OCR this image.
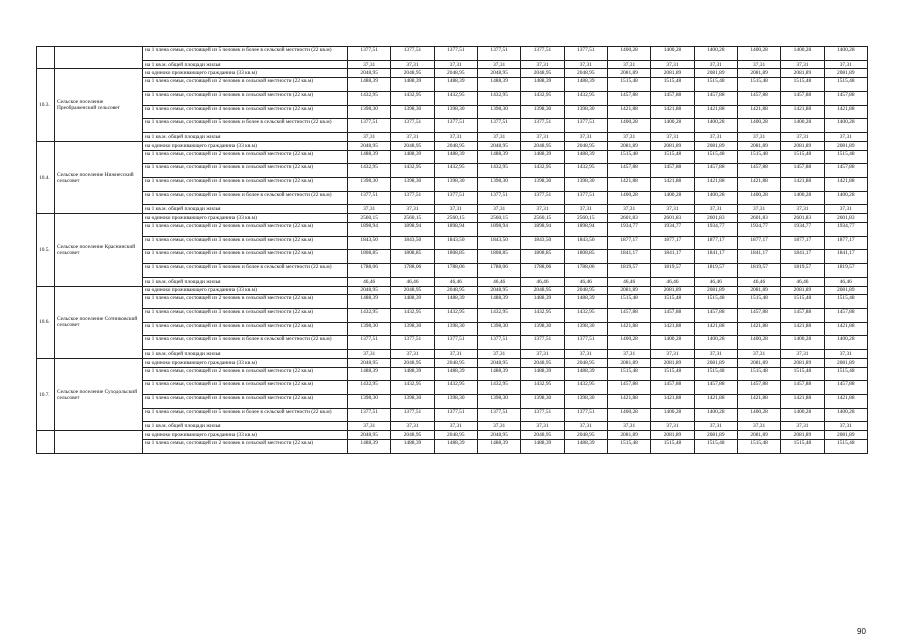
		на 1 члена семьи, состоящей из 5 человек и более в сельской местности (22 кв.м)	1377,51	1377,51	1377,51	1377,51	1377,51	1377,51	1400,28	1400,28	1400,28	1400,28	1400,28	1400,28
		на 1 кв.м. общей площади жилья	37,31	37,31	37,31	37,31	37,31	37,31	37,31	37,31	37,31	37,31	37,31	37,31
10.3.	Сельское поселение Преображенский сельсовет	на одиноко проживающего гражданина (33 кв.м)	2048,95	2048,95	2048,95	2048,95	2048,95	2048,95	2081,89	2081,89	2081,89	2081,89	2081,89	2081,89
		на 1 члена семьи, состоящей из 2 человек в сельской местности (22 кв.м)	1488,39	1488,39	1488,39	1488,39	1488,39	1488,39	1515,48	1515,48	1515,48	1515,48	1515,48	1515,48
		на 1 члена семьи, состоящей из 3 человек в сельской местности (22 кв.м)	1432,95	1432,95	1432,95	1432,95	1432,95	1432,95	1457,88	1457,88	1457,88	1457,88	1457,88	1457,88
		на 1 члена семьи, состоящей из 4 человек в сельской местности (22 кв.м)	1398,30	1398,30	1398,30	1398,30	1398,30	1398,30	1421,88	1421,88	1421,88	1421,88	1421,88	1421,88
		на 1 члена семьи, состоящей из 5 человек и более в сельской местности (22 кв.м)	1377,51	1377,51	1377,51	1377,51	1377,51	1377,51	1400,28	1400,28	1400,28	1400,28	1400,28	1400,28
		на 1 кв.м. общей площади жилья	37,31	37,31	37,31	37,31	37,31	37,31	37,31	37,31	37,31	37,31	37,31	37,31
10.4.	Сельское поселение Нижнесский сельсовет	на одиноко проживающего гражданина (33 кв.м)	2048,95	2048,95	2048,95	2048,95	2048,95	2048,95	2081,89	2081,89	2081,89	2081,89	2081,89	2081,89
		на 1 члена семьи, состоящей из 2 человек в сельской местности (22 кв.м)	1488,39	1488,39	1488,39	1488,39	1488,39	1488,39	1515,48	1515,48	1515,48	1515,48	1515,48	1515,48
		на 1 члена семьи, состоящей из 3 человек в сельской местности (22 кв.м)	1432,95	1432,95	1432,95	1432,95	1432,95	1432,95	1457,88	1457,88	1457,88	1457,88	1457,88	1457,88
		на 1 члена семьи, состоящей из 4 человек в сельской местности (22 кв.м)	1398,30	1398,30	1398,30	1398,30	1398,30	1398,30	1421,88	1421,88	1421,88	1421,88	1421,88	1421,88
		на 1 члена семьи, состоящей из 5 человек и более в сельской местности (22 кв.м)	1377,51	1377,51	1377,51	1377,51	1377,51	1377,51	1400,28	1400,28	1400,28	1400,28	1400,28	1400,28
		на 1 кв.м. общей площади жилья	37,31	37,31	37,31	37,31	37,31	37,31	37,31	37,31	37,31	37,31	37,31	37,31
10.5.	Сельское поселение Краснинский сельсовет	на одиноко проживающего гражданина (33 кв.м)	2560,15	2560,15	2560,15	2560,15	2560,15	2560,15	2601,83	2601,83	2601,83	2601,83	2601,83	2601,83
		на 1 члена семьи, состоящей из 2 человек в сельской местности (22 кв.м)	1898,94	1898,94	1898,94	1898,94	1898,94	1898,94	1934,77	1934,77	1934,77	1934,77	1934,77	1934,77
		на 1 члена семьи, состоящей из 3 человек в сельской местности (22 кв.м)	1843,50	1843,50	1843,50	1843,50	1843,50	1843,50	1877,17	1877,17	1877,17	1877,17	1877,17	1877,17
		на 1 члена семьи, состоящей из 4 человек в сельской местности (22 кв.м)	1808,85	1808,85	1808,85	1808,85	1808,85	1808,85	1841,17	1841,17	1841,17	1841,17	1841,17	1841,17
		на 1 члена семьи, состоящей из 5 человек и более в сельской местности (22 кв.м)	1788,06	1788,06	1788,06	1788,06	1788,06	1788,06	1819,57	1819,57	1819,57	1819,57	1819,57	1819,57
		на 1 кв.м. общей площади жилья	46,46	46,46	46,46	46,46	46,46	46,46	46,46	46,46	46,46	46,46	46,46	46,46
10.6.	Сельское поселение Сотниковский сельсовет	на одиноко проживающего гражданина (33 кв.м)	2048,95	2048,95	2048,95	2048,95	2048,95	2048,95	2081,89	2081,89	2081,89	2081,89	2081,89	2081,89
		на 1 члена семьи, состоящей из 2 человек в сельской местности (22 кв.м)	1488,39	1488,39	1488,39	1488,39	1488,39	1488,39	1515,48	1515,48	1515,48	1515,48	1515,48	1515,48
		на 1 члена семьи, состоящей из 3 человек в сельской местности (22 кв.м)	1432,95	1432,95	1432,95	1432,95	1432,95	1432,95	1457,88	1457,88	1457,88	1457,88	1457,88	1457,88
		на 1 члена семьи, состоящей из 4 человек в сельской местности (22 кв.м)	1398,30	1398,30	1398,30	1398,30	1398,30	1398,30	1421,88	1421,88	1421,88	1421,88	1421,88	1421,88
		на 1 члена семьи, состоящей из 5 человек и более в сельской местности (22 кв.м)	1377,51	1377,51	1377,51	1377,51	1377,51	1377,51	1400,28	1400,28	1400,28	1400,28	1400,28	1400,28
		на 1 кв.м. общей площади жилья	37,31	37,31	37,31	37,31	37,31	37,31	37,31	37,31	37,31	37,31	37,31	37,31
10.7.	Сельское поселение Суходольский сельсовет	на одиноко проживающего гражданина (33 кв.м)	2048,95	2048,95	2048,95	2048,95	2048,95	2048,95	2081,89	2081,89	2081,89	2081,89	2081,89	2081,89
		на 1 члена семьи, состоящей из 2 человек в сельской местности (22 кв.м)	1488,39	1488,39	1488,39	1488,39	1488,39	1488,39	1515,48	1515,48	1515,48	1515,48	1515,48	1515,48
		на 1 члена семьи, состоящей из 3 человек в сельской местности (22 кв.м)	1432,95	1432,95	1432,95	1432,95	1432,95	1432,95	1457,88	1457,88	1457,88	1457,88	1457,88	1457,88
		на 1 члена семьи, состоящей из 4 человек в сельской местности (22 кв.м)	1398,30	1398,30	1398,30	1398,30	1398,30	1398,30	1421,88	1421,88	1421,88	1421,88	1421,88	1421,88
		на 1 члена семьи, состоящей из 5 человек и более в сельской местности (22 кв.м)	1377,51	1377,51	1377,51	1377,51	1377,51	1377,51	1400,28	1400,28	1400,28	1400,28	1400,28	1400,28
		на 1 кв.м. общей площади жилья	37,31	37,31	37,31	37,31	37,31	37,31	37,31	37,31	37,31	37,31	37,31	37,31
		на одиноко проживающего гражданина (33 кв.м)	2048,95	2048,95	2048,95	2048,95	2048,95	2048,95	2081,89	2081,89	2081,89	2081,89	2081,89	2081,89
		на 1 члена семьи, состоящей из 2 человек в сельской местности (22 кв.м)	1488,39	1488,39	1488,39	1488,39	1488,39	1488,39	1515,48	1515,48	1515,48	1515,48	1515,48	1515,48
90
